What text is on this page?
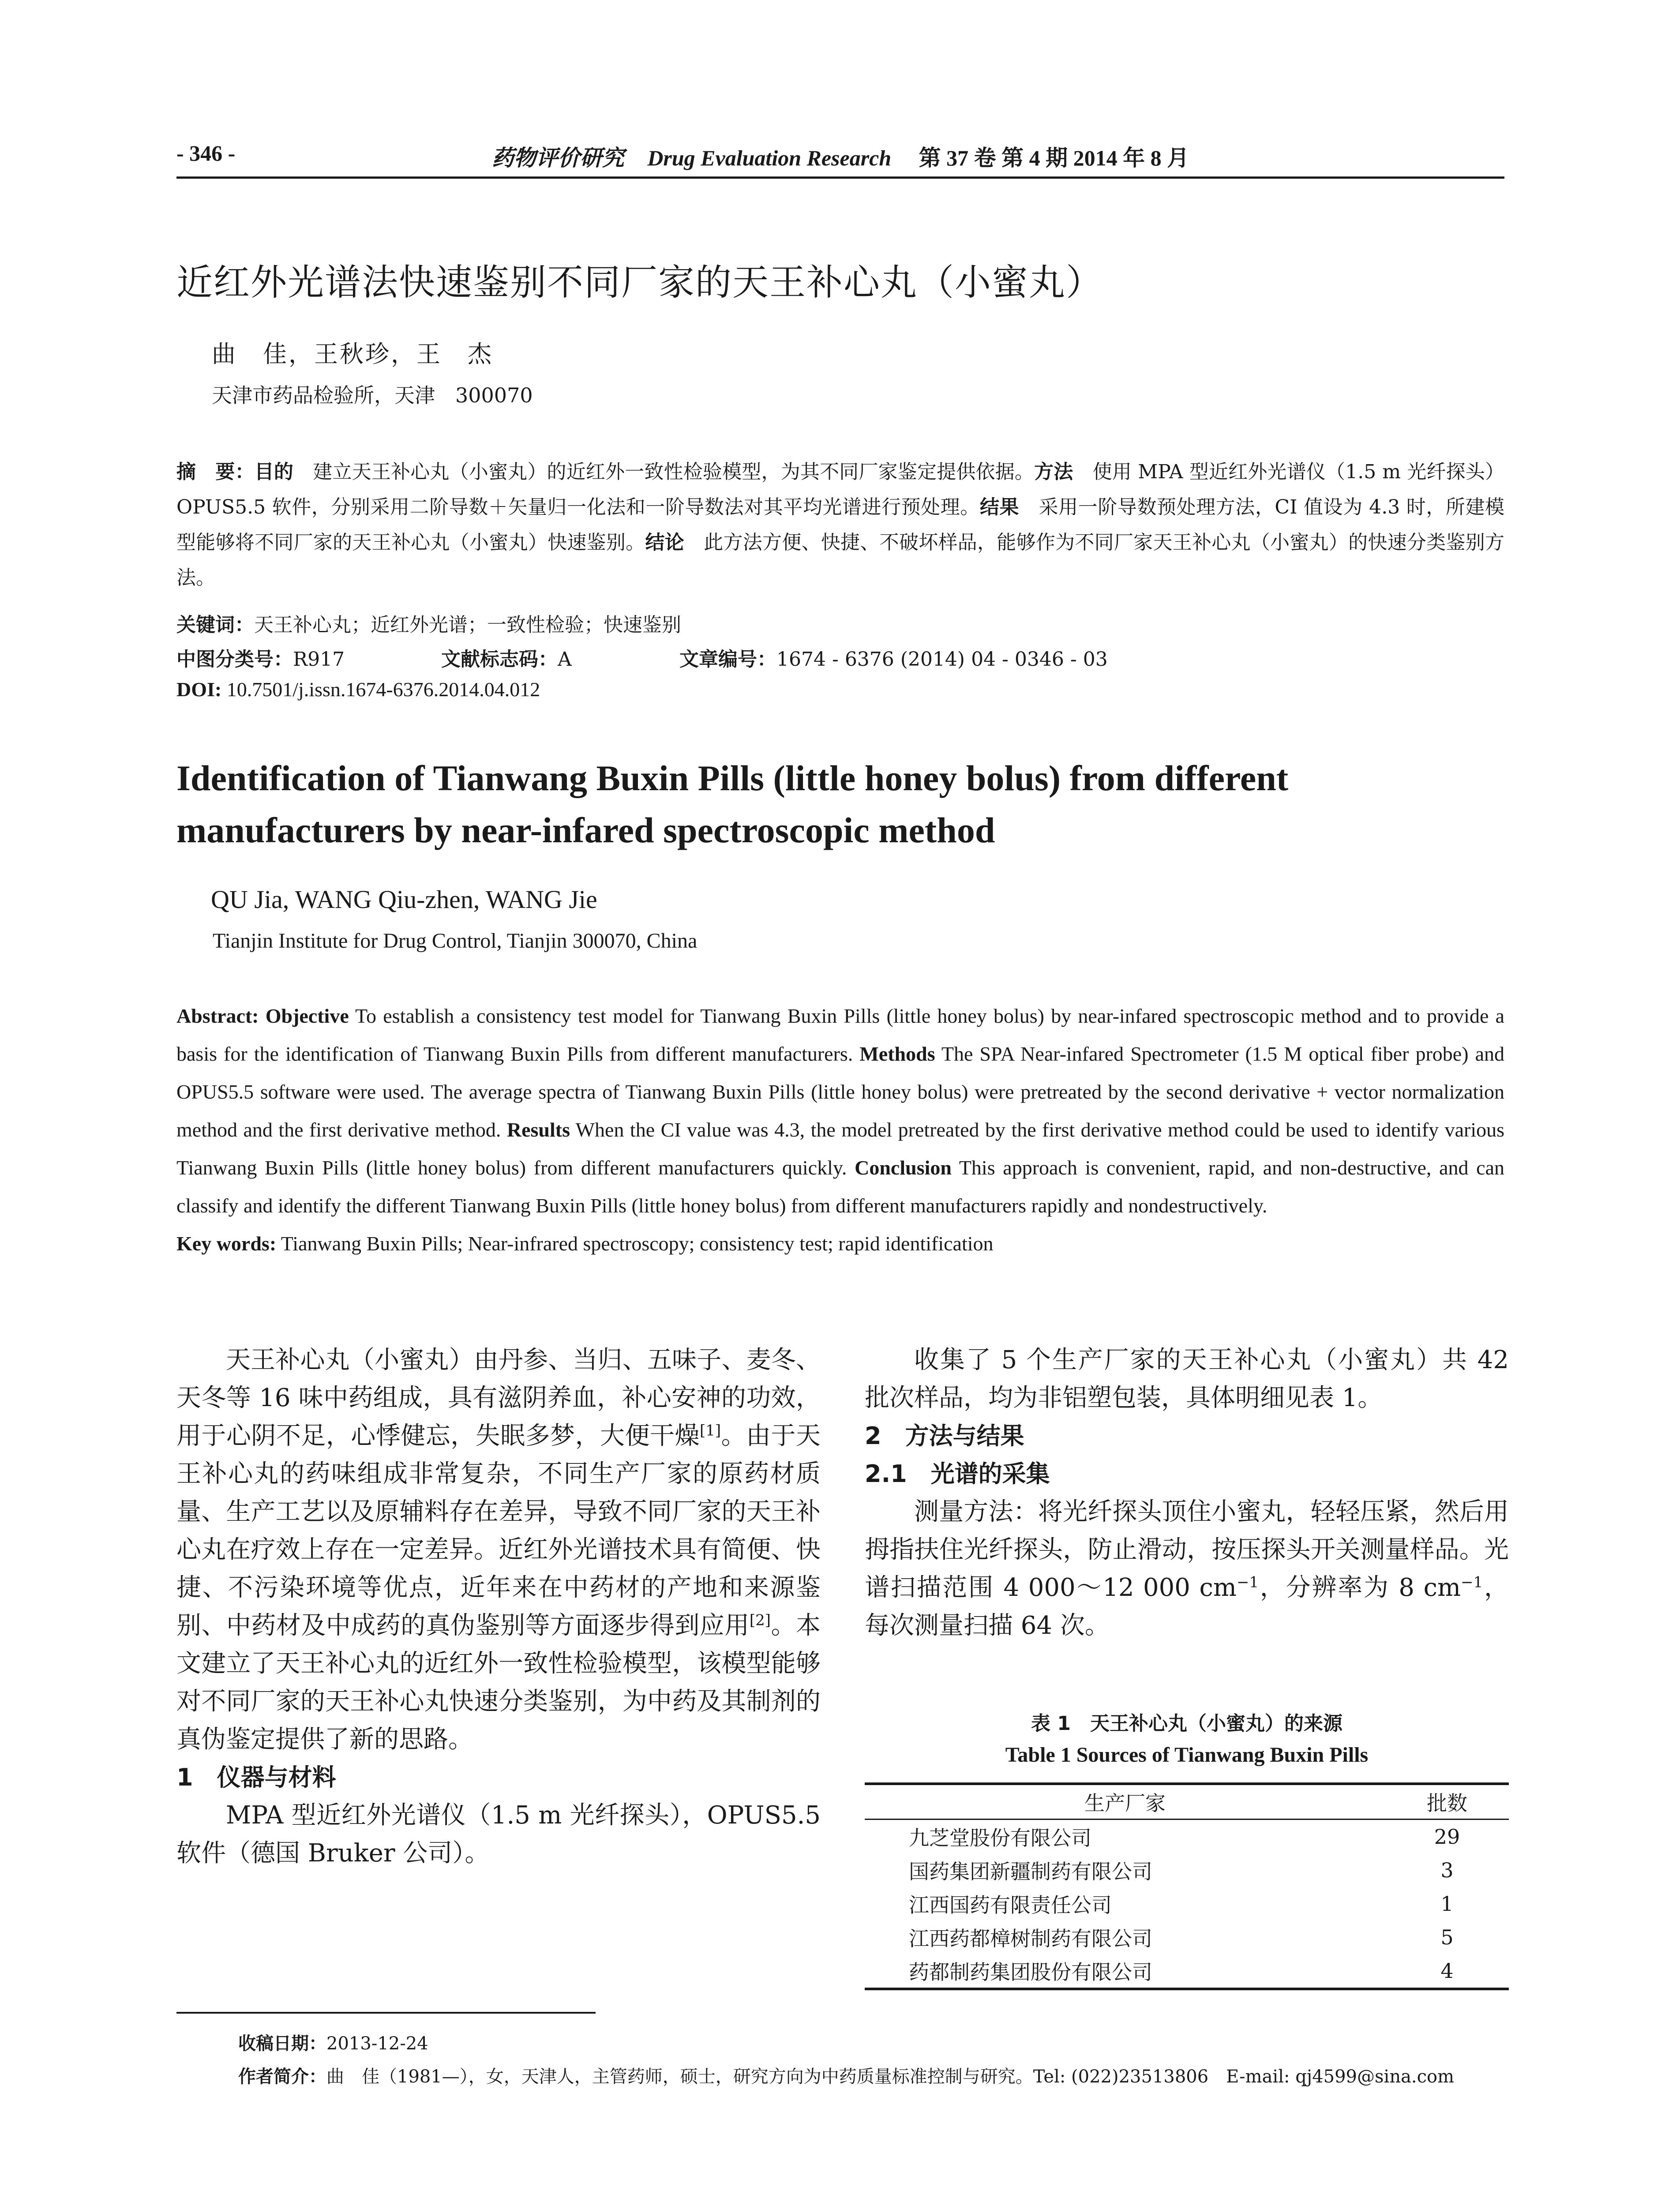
- 346 -	药物评价研究 Drug Evaluation Research 第 37 卷 第 4 期 2014 年 8 月
近红外光谱法快速鉴别不同厂家的天王补心丸（小蜜丸）
曲　佳，王秋珍，王　杰
天津市药品检验所，天津　300070
摘　要：目的　建立天王补心丸（小蜜丸）的近红外一致性检验模型，为其不同厂家鉴定提供依据。方法　使用 MPA 型近红外光谱仪（1.5 m 光纤探头）OPUS5.5 软件，分别采用二阶导数＋矢量归一化法和一阶导数法对其平均光谱进行预处理。结果　采用一阶导数预处理方法，CI 值设为 4.3 时，所建模型能够将不同厂家的天王补心丸（小蜜丸）快速鉴别。结论　此方法方便、快捷、不破坏样品，能够作为不同厂家天王补心丸（小蜜丸）的快速分类鉴别方法。
关键词：天王补心丸；近红外光谱；一致性检验；快速鉴别
中图分类号：R917	文献标志码：A	文章编号：1674 - 6376 (2014) 04 - 0346 - 03
DOI: 10.7501/j.issn.1674-6376.2014.04.012
Identification of Tianwang Buxin Pills (little honey bolus) from different manufacturers by near-infared spectroscopic method
QU Jia, WANG Qiu-zhen, WANG Jie
Tianjin Institute for Drug Control, Tianjin 300070, China
Abstract: Objective To establish a consistency test model for Tianwang Buxin Pills (little honey bolus) by near-infared spectroscopic method and to provide a basis for the identification of Tianwang Buxin Pills from different manufacturers. Methods The SPA Near-infared Spectrometer (1.5 M optical fiber probe) and OPUS5.5 software were used. The average spectra of Tianwang Buxin Pills (little honey bolus) were pretreated by the second derivative + vector normalization method and the first derivative method. Results When the CI value was 4.3, the model pretreated by the first derivative method could be used to identify various Tianwang Buxin Pills (little honey bolus) from different manufacturers quickly. Conclusion This approach is convenient, rapid, and non-destructive, and can classify and identify the different Tianwang Buxin Pills (little honey bolus) from different manufacturers rapidly and nondestructively.
Key words: Tianwang Buxin Pills; Near-infrared spectroscopy; consistency test; rapid identification

天王补心丸（小蜜丸）由丹参、当归、五味子、麦冬、天冬等 16 味中药组成，具有滋阴养血，补心安神的功效，用于心阴不足，心悸健忘，失眠多梦，大便干燥[1]。由于天王补心丸的药味组成非常复杂，不同生产厂家的原药材质量、生产工艺以及原辅料存在差异，导致不同厂家的天王补心丸在疗效上存在一定差异。近红外光谱技术具有简便、快捷、不污染环境等优点，近年来在中药材的产地和来源鉴别、中药材及中成药的真伪鉴别等方面逐步得到应用[2]。本文建立了天王补心丸的近红外一致性检验模型，该模型能够对不同厂家的天王补心丸快速分类鉴别，为中药及其制剂的真伪鉴定提供了新的思路。

1　仪器与材料

MPA 型近红外光谱仪（1.5 m 光纤探头），OPUS5.5 软件（德国 Bruker 公司）。

收集了 5 个生产厂家的天王补心丸（小蜜丸）共 42 批次样品，均为非铝塑包装，具体明细见表 1。

2　方法与结果

2.1　光谱的采集

测量方法：将光纤探头顶住小蜜丸，轻轻压紧，然后用拇指扶住光纤探头，防止滑动，按压探头开关测量样品。光谱扫描范围 4 000～12 000 $cm^{-1}$，分辨率为 8 $cm^{-1}$，每次测量扫描 64 次。

表 1　天王补心丸（小蜜丸）的来源
Table 1 Sources of Tianwang Buxin Pills
生产厂家	批数
九芝堂股份有限公司	29
国药集团新疆制药有限公司	3
江西国药有限责任公司	1
江西药都樟树制药有限公司	5
药都制药集团股份有限公司	4
收稿日期：2013-12-24
作者简介：曲　佳（1981—），女，天津人，主管药师，硕士，研究方向为中药质量标准控制与研究。Tel: (022)23513806　E-mail: qj4599@sina.com
